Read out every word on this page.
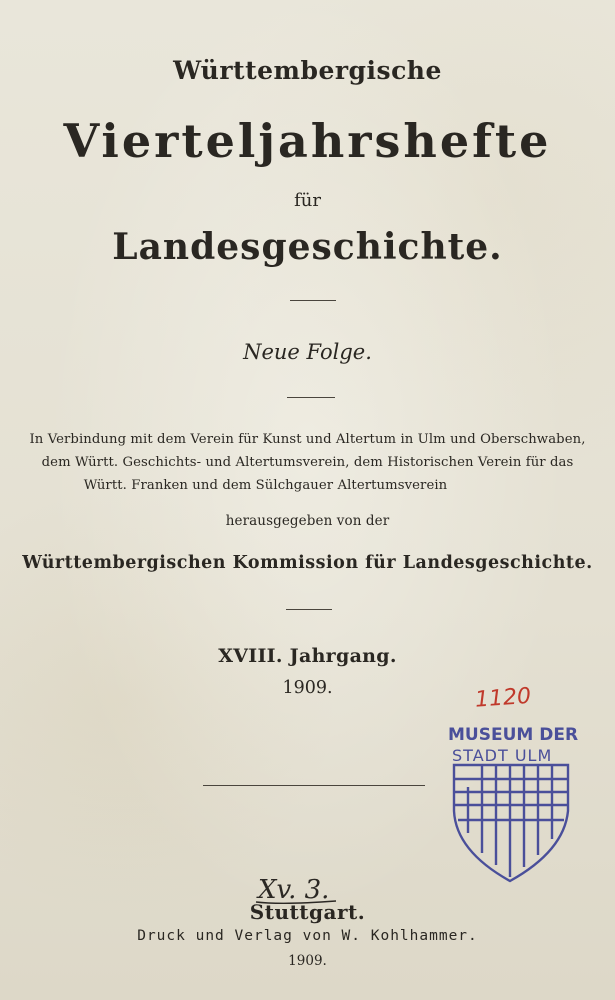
Württembergische
Vierteljahrshefte
für
Landesgeschichte.
Neue Folge.
In Verbindung mit dem Verein für Kunst und Altertum in Ulm und Oberschwaben,
dem Württ. Geschichts- und Altertumsverein, dem Historischen Verein für das
Württ. Franken und dem Sülchgauer Altertumsverein
herausgegeben von der
Württembergischen Kommission für Landesgeschichte.
XVIII. Jahrgang.
1909.	1120
MUSEUM DER
STADT ULM
Xv. 3.
Stuttgart.
Druck und Verlag von W. Kohlhammer.
1909.
